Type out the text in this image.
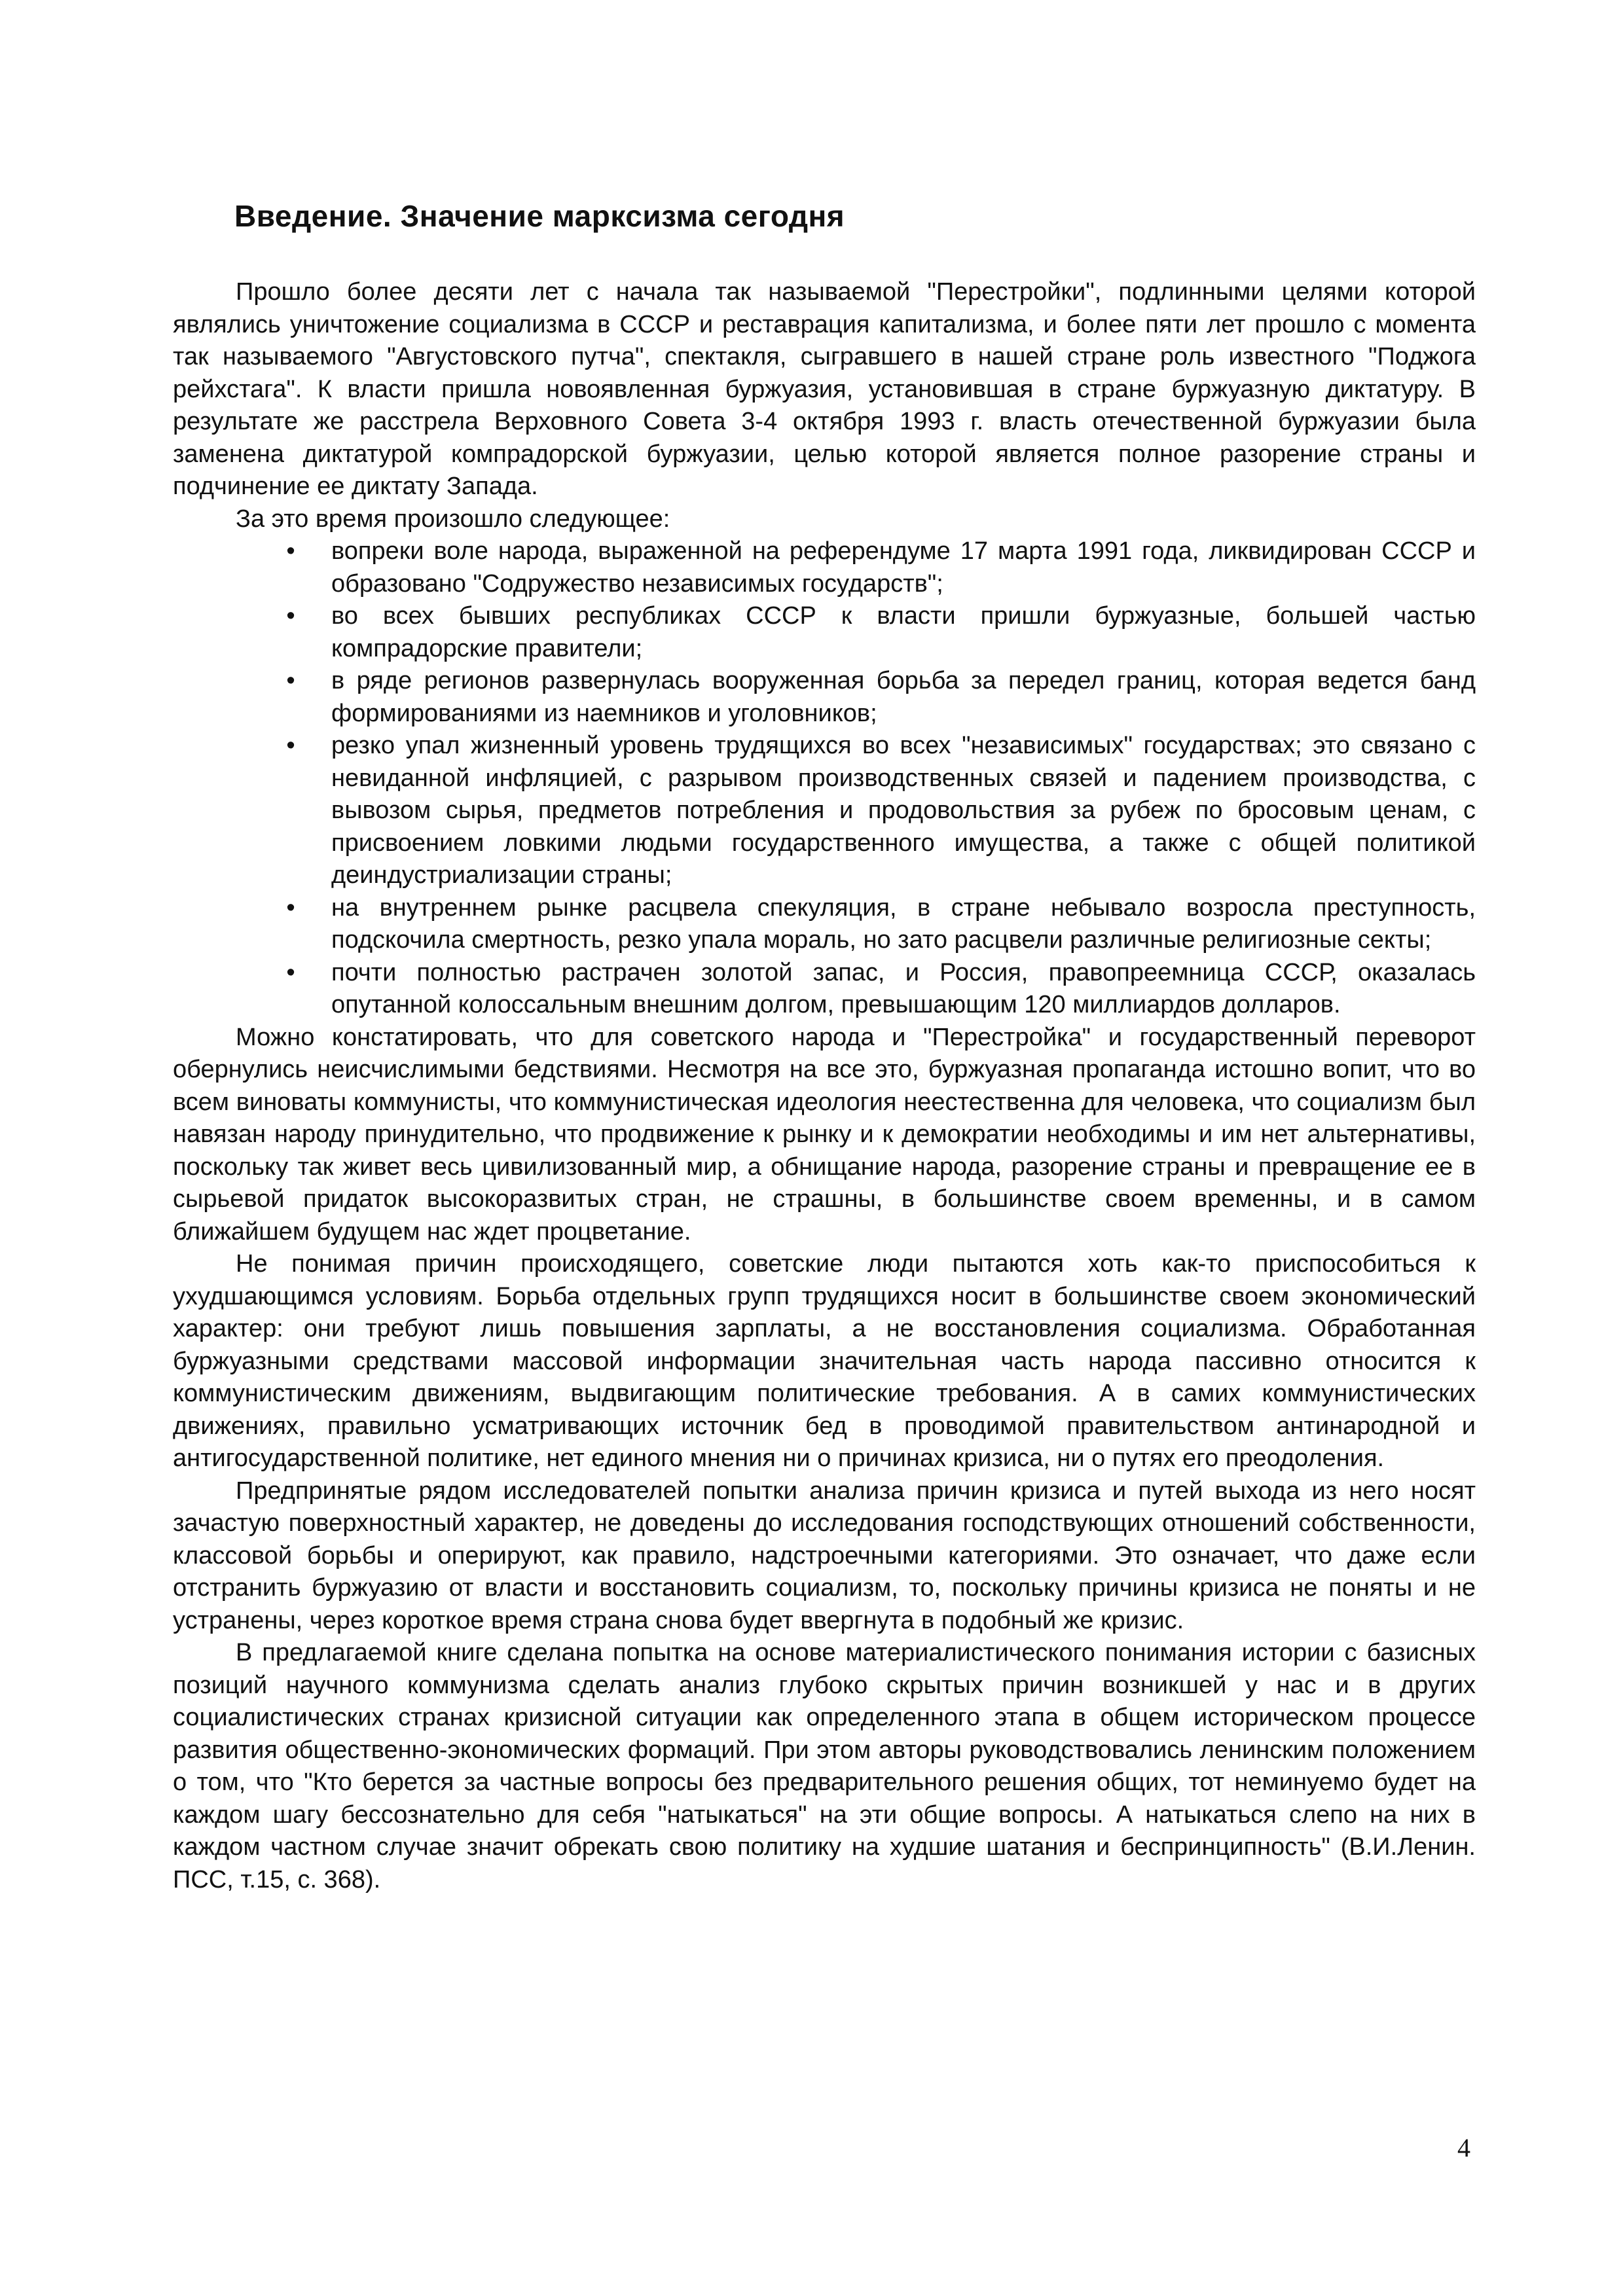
Введение. Значение марксизма сегодня

Прошло более десяти лет с начала так называемой "Перестройки", подлинными целями которой являлись уничтожение социализма в СССР и реставрация капитализма, и более пяти лет прошло с момента так называемого "Августовского путча", спектакля, сыгравшего в нашей стране роль известного "Поджога рейхстага". К власти пришла новоявленная буржуазия, установившая в стране буржуазную диктатуру. В результате же расстрела Верховного Совета 3-4 октября 1993 г. власть отечественной буржуазии была заменена диктатурой компрадорской буржуазии, целью которой является полное разорение страны и подчинение ее диктату Запада.

За это время произошло следующее:

• вопреки воле народа, выраженной на референдуме 17 марта 1991 года, ликвидирован СССР и образовано "Содружество независимых государств";
• во всех бывших республиках СССР к власти пришли буржуазные, большей частью компрадорские правители;
• в ряде регионов развернулась вооруженная борьба за передел границ, которая ведется банд формированиями из наемников и уголовников;
• резко упал жизненный уровень трудящихся во всех "независимых" государствах; это связано с невиданной инфляцией, с разрывом производственных связей и падением производства, с вывозом сырья, предметов потребления и продовольствия за рубеж по бросовым ценам, с присвоением ловкими людьми государственного имущества, а также с общей политикой деиндустриализации страны;
• на внутреннем рынке расцвела спекуляция, в стране небывало возросла преступность, подскочила смертность, резко упала мораль, но зато расцвели различные религиозные секты;
• почти полностью растрачен золотой запас, и Россия, правопреемница СССР, оказалась опутанной колоссальным внешним долгом, превышающим 120 миллиардов долларов.

Можно констатировать, что для советского народа и "Перестройка" и государственный переворот обернулись неисчислимыми бедствиями. Несмотря на все это, буржуазная пропаганда истошно вопит, что во всем виноваты коммунисты, что коммунистическая идеология неестественна для человека, что социализм был навязан народу принудительно, что продвижение к рынку и к демократии необходимы и им нет альтернативы, поскольку так живет весь цивилизованный мир, а обнищание народа, разорение страны и превращение ее в сырьевой придаток высокоразвитых стран, не страшны, в большинстве своем временны, и в самом ближайшем будущем нас ждет процветание.

Не понимая причин происходящего, советские люди пытаются хоть как-то приспособиться к ухудшающимся условиям. Борьба отдельных групп трудящихся носит в большинстве своем экономический характер: они требуют лишь повышения зарплаты, а не восстановления социализма. Обработанная буржуазными средствами массовой информации значительная часть народа пассивно относится к коммунистическим движениям, выдвигающим политические требования. А в самих коммунистических движениях, правильно усматривающих источник бед в проводимой правительством антинародной и антигосударственной политике, нет единого мнения ни о причинах кризиса, ни о путях его преодоления.

Предпринятые рядом исследователей попытки анализа причин кризиса и путей выхода из него носят зачастую поверхностный характер, не доведены до исследования господствующих отношений собственности, классовой борьбы и оперируют, как правило, надстроечными категориями. Это означает, что даже если отстранить буржуазию от власти и восстановить социализм, то, поскольку причины кризиса не поняты и не устранены, через короткое время страна снова будет ввергнута в подобный же кризис.

В предлагаемой книге сделана попытка на основе материалистического понимания истории с базисных позиций научного коммунизма сделать анализ глубоко скрытых причин возникшей у нас и в других социалистических странах кризисной ситуации как определенного этапа в общем историческом процессе развития общественно-экономических формаций. При этом авторы руководствовались ленинским положением о том, что "Кто берется за частные вопросы без предварительного решения общих, тот неминуемо будет на каждом шагу бессознательно для себя "натыкаться" на эти общие вопросы. А натыкаться слепо на них в каждом частном случае значит обрекать свою политику на худшие шатания и беспринципность" (В.И.Ленин. ПСС, т.15, с. 368).

4
